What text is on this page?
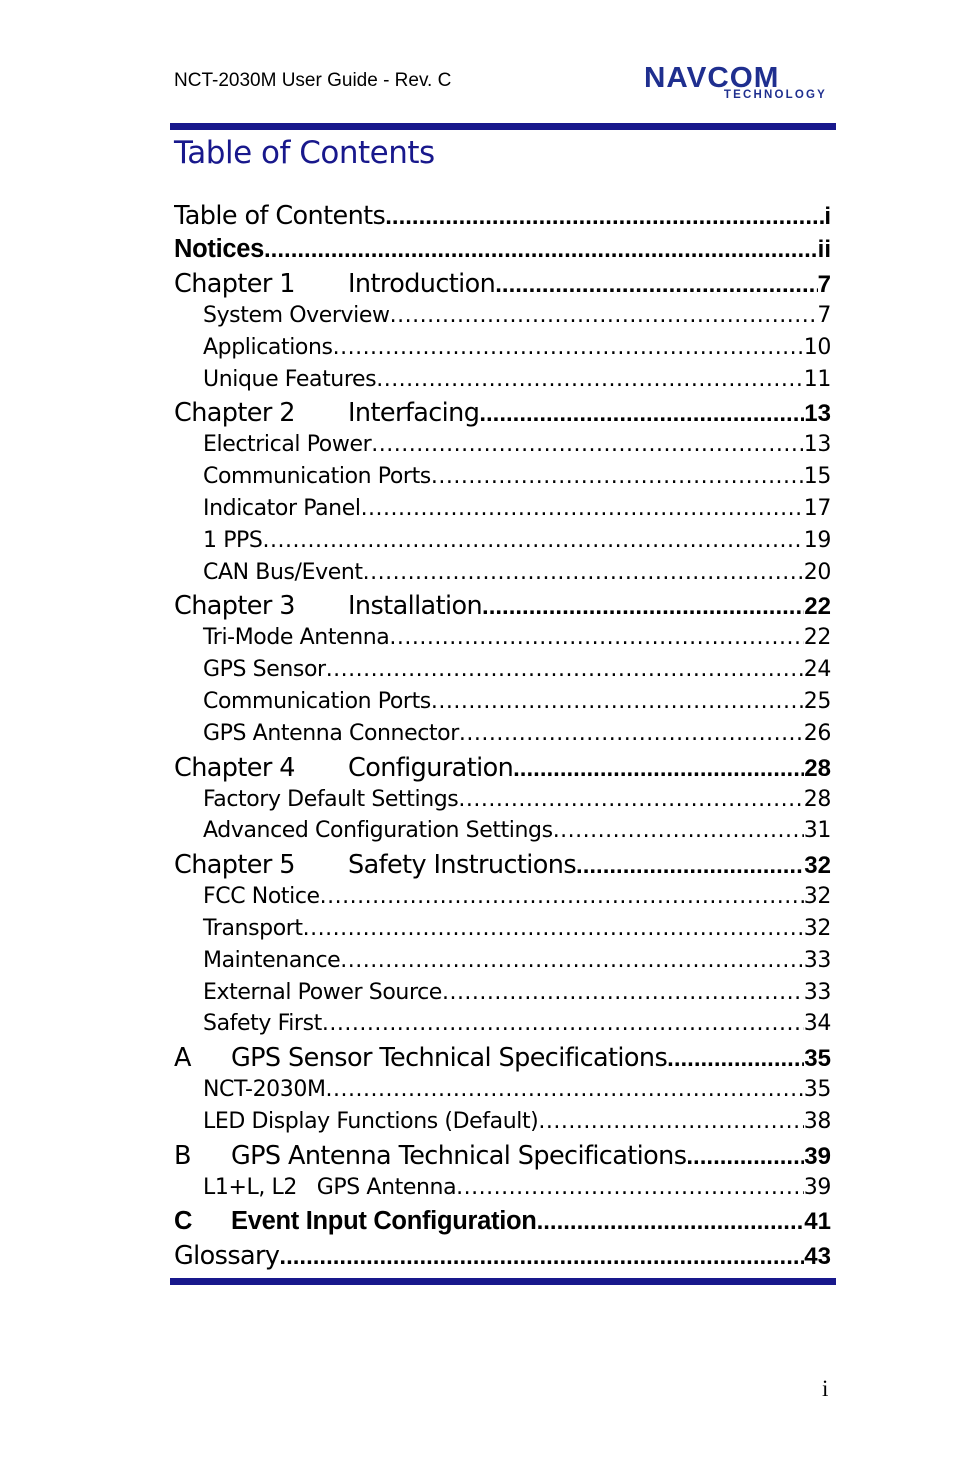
NCT-2030M User Guide - Rev. C	NAVCOM
TECHNOLOGY
Table of Contents
Table of Contents .....	i
Notices .....	ii
Chapter 1 Introduction .....	7
System Overview .....	7
Applications .....	10
Unique Features .....	11
Chapter 2 Interfacing .....	13
Electrical Power .....	13
Communication Ports .....	15
Indicator Panel .....	17
1 PPS .....	19
CAN Bus/Event .....	20
Chapter 3 Installation .....	22
Tri-Mode Antenna .....	22
GPS Sensor .....	24
Communication Ports .....	25
GPS Antenna Connector .....	26
Chapter 4 Configuration .....	28
Factory Default Settings .....	28
Advanced Configuration Settings .....	31
Chapter 5 Safety Instructions .....	32
FCC Notice .....	32
Transport .....	32
Maintenance .....	33
External Power Source .....	33
Safety First .....	34
A GPS Sensor Technical Specifications .....	35
NCT-2030M .....	35
LED Display Functions (Default) .....	38
B GPS Antenna Technical Specifications .....	39
L1+L, L2   GPS Antenna .....	39
C Event Input Configuration .....	41
Glossary .....	43
i
